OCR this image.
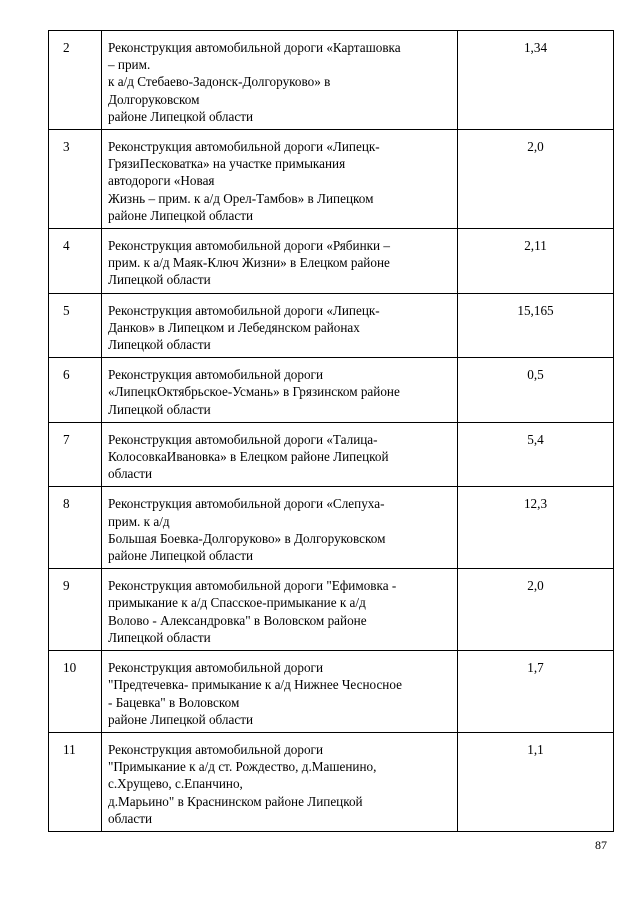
2	Реконструкция автомобильной дороги «Карташовка
– прим.
к а/д Стебаево-Задонск-Долгоруково» в
Долгоруковском
районе Липецкой области	1,34
3	Реконструкция автомобильной дороги «Липецк-
ГрязиПесковатка» на участке примыкания
автодороги «Новая
Жизнь – прим. к а/д Орел-Тамбов» в Липецком
районе Липецкой области	2,0
4	Реконструкция автомобильной дороги «Рябинки –
прим. к а/д Маяк-Ключ Жизни» в Елецком районе
Липецкой области	2,11
5	Реконструкция автомобильной дороги «Липецк-
Данков» в Липецком и Лебедянском районах
Липецкой области	15,165
6	Реконструкция автомобильной дороги
«ЛипецкОктябрьское-Усмань» в Грязинском районе
Липецкой области	0,5
7	Реконструкция автомобильной дороги «Талица-
КолосовкаИвановка» в Елецком районе Липецкой
области	5,4
8	Реконструкция автомобильной дороги «Слепуха-
прим. к а/д
Большая Боевка-Долгоруково» в Долгоруковском
районе Липецкой области	12,3
9	Реконструкция автомобильной дороги "Ефимовка -
примыкание к а/д Спасское-примыкание к а/д
Волово - Александровка" в Воловском районе
Липецкой области	2,0
10	Реконструкция автомобильной дороги
"Предтечевка- примыкание к а/д Нижнее Чесносное
- Бацевка" в Воловском
районе Липецкой области	1,7
11	Реконструкция автомобильной дороги
"Примыкание к а/д ст. Рождество, д.Машенино,
с.Хрущево, с.Епанчино,
д.Марьино" в Краснинском районе Липецкой
области	1,1
87
